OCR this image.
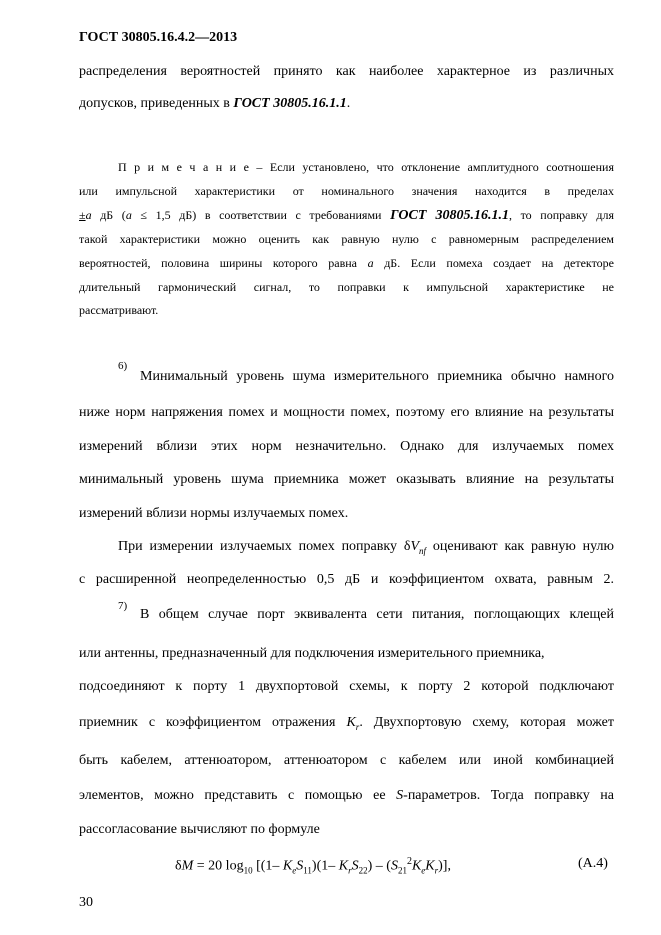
ГОСТ 30805.16.4.2—2013
распределения вероятностей принято как наиболее характерное из различных
допусков, приведенных в ГОСТ 30805.16.1.1.
П р и м е ч а н и е – Если установлено, что отклонение амплитудного соотношения
или импульсной характеристики от номинального значения находится в пределах
±a дБ (a ≤ 1,5 дБ) в соответствии с требованиями ГОСТ 30805.16.1.1, то поправку для
такой характеристики можно оценить как равную нулю с равномерным распределением
вероятностей, половина ширины которого равна a дБ. Если помеха создает на детекторе
длительный гармонический сигнал, то поправки к импульсной характеристике не
рассматривают.
6)
Минимальный уровень шума измерительного приемника обычно намного
ниже норм напряжения помех и мощности помех, поэтому его влияние на результаты
измерений вблизи этих норм незначительно. Однако для излучаемых помех
минимальный уровень шума приемника может оказывать влияние на результаты
измерений вблизи нормы излучаемых помех.
При измерении излучаемых помех поправку $\delta V_{nf}$ оценивают как равную нулю
с расширенной неопределенностью 0,5 дБ и коэффициентом охвата, равным 2.
7)
В общем случае порт эквивалента сети питания, поглощающих клещей
или антенны, предназначенный для подключения измерительного приемника,
подсоединяют к порту 1 двухпортовой схемы, к порту 2 которой подключают
приемник с коэффициентом отражения $K_r$. Двухпортовую схему, которая может
быть кабелем, аттенюатором, аттенюатором с кабелем или иной комбинацией
элементов, можно представить с помощью ее S-параметров. Тогда поправку на
рассогласование вычисляют по формуле
δM = 20 $\log_{10} [(1-$ $K_eS_{11})(1-$ $K_rS_{22}) - (S_{21}^2K_eK_r)$],	(А.4)
30
